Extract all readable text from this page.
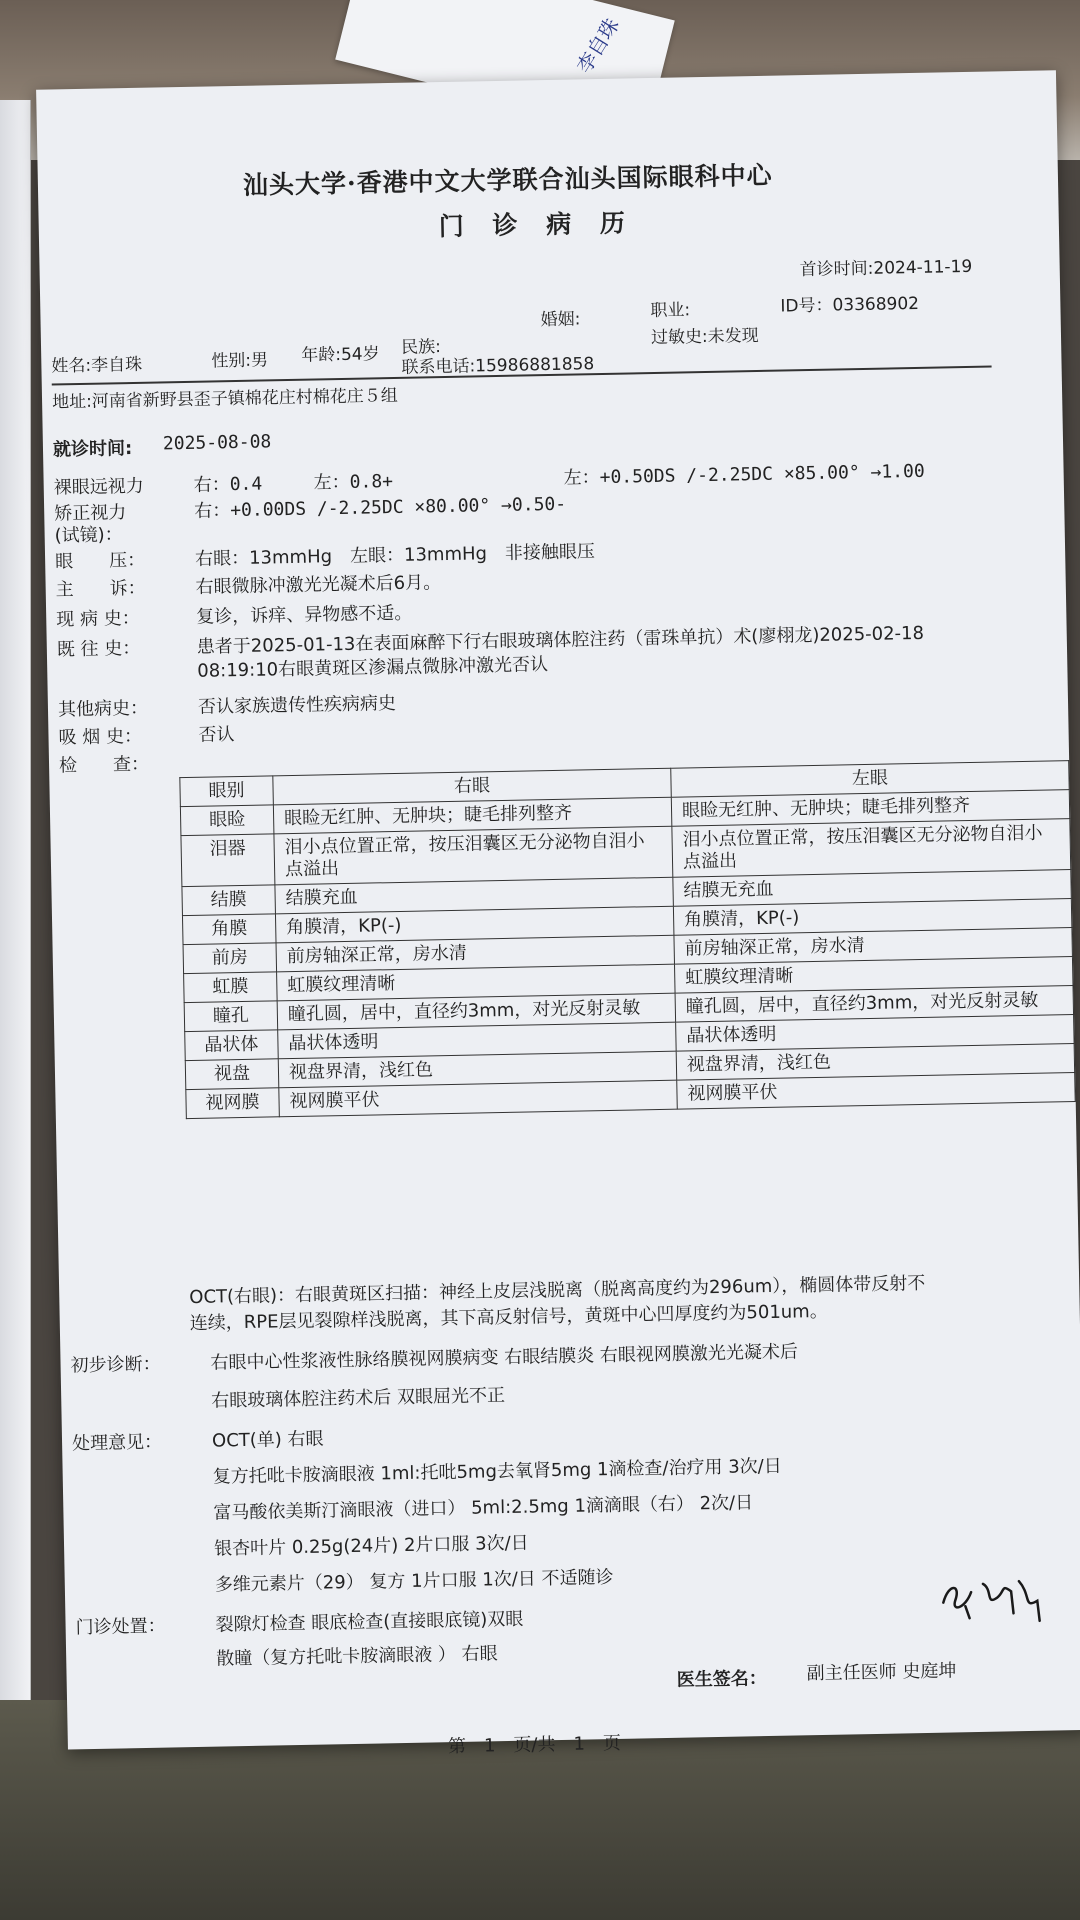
李自珠
汕头大学·香港中文大学联合汕头国际眼科中心
门 诊 病 历
首诊时间:2024-11-19
ID号：03368902
婚姻:	职业:
姓名:李自珠	性别:男 年龄:54岁 民族:
联系电话:15986881858
过敏史:未发现
地址:河南省新野县歪子镇棉花庄村棉花庄５组
就诊时间: 2025-08-08
裸眼远视力	右：0.4	左：0.8+	左：+0.50DS /-2.25DC ×85.00° →1.00
矫正视力	右：+0.00DS /-2.25DC ×80.00° →0.50-
(试镜)：
眼　　压：	右眼：13mmHg　左眼：13mmHg　非接触眼压
主　　诉：	右眼微脉冲激光光凝术后6月。
现 病 史：	复诊，诉痒、异物感不适。
既 往 史：	患者于2025-01-13在表面麻醉下行右眼玻璃体腔注药（雷珠单抗）术(廖栩龙)2025-02-18
08:19:10右眼黄斑区渗漏点微脉冲激光否认
其他病史：	否认家族遗传性疾病病史
吸 烟 史：	否认
检　　查：
眼别	右眼	左眼
眼睑	眼睑无红肿、无肿块；睫毛排列整齐	眼睑无红肿、无肿块；睫毛排列整齐
泪器	泪小点位置正常，按压泪囊区无分泌物自泪小点溢出	泪小点位置正常，按压泪囊区无分泌物自泪小点溢出
结膜	结膜充血	结膜无充血
角膜	角膜清，KP(-)	角膜清，KP(-)
前房	前房轴深正常，房水清	前房轴深正常，房水清
虹膜	虹膜纹理清晰	虹膜纹理清晰
瞳孔	瞳孔圆，居中，直径约3mm，对光反射灵敏	瞳孔圆，居中，直径约3mm，对光反射灵敏
晶状体	晶状体透明	晶状体透明
视盘	视盘界清，浅红色	视盘界清，浅红色
视网膜	视网膜平伏	视网膜平伏
OCT(右眼)：右眼黄斑区扫描：神经上皮层浅脱离（脱离高度约为296um），椭圆体带反射不
连续，RPE层见裂隙样浅脱离，其下高反射信号，黄斑中心凹厚度约为501um。
初步诊断：	右眼中心性浆液性脉络膜视网膜病变 右眼结膜炎 右眼视网膜激光光凝术后
右眼玻璃体腔注药术后 双眼屈光不正
处理意见：	OCT(单) 右眼
复方托吡卡胺滴眼液 1ml:托吡5mg去氧肾5mg 1滴检查/治疗用 3次/日
富马酸依美斯汀滴眼液（进口） 5ml:2.5mg 1滴滴眼（右） 2次/日
银杏叶片 0.25g(24片) 2片口服 3次/日
多维元素片（29） 复方 1片口服 1次/日 不适随诊
门诊处置：	裂隙灯检查 眼底检查(直接眼底镜)双眼
散瞳（复方托吡卡胺滴眼液 ） 右眼
医生签名： 副主任医师 史庭坤
第　1　页/共　1　页
